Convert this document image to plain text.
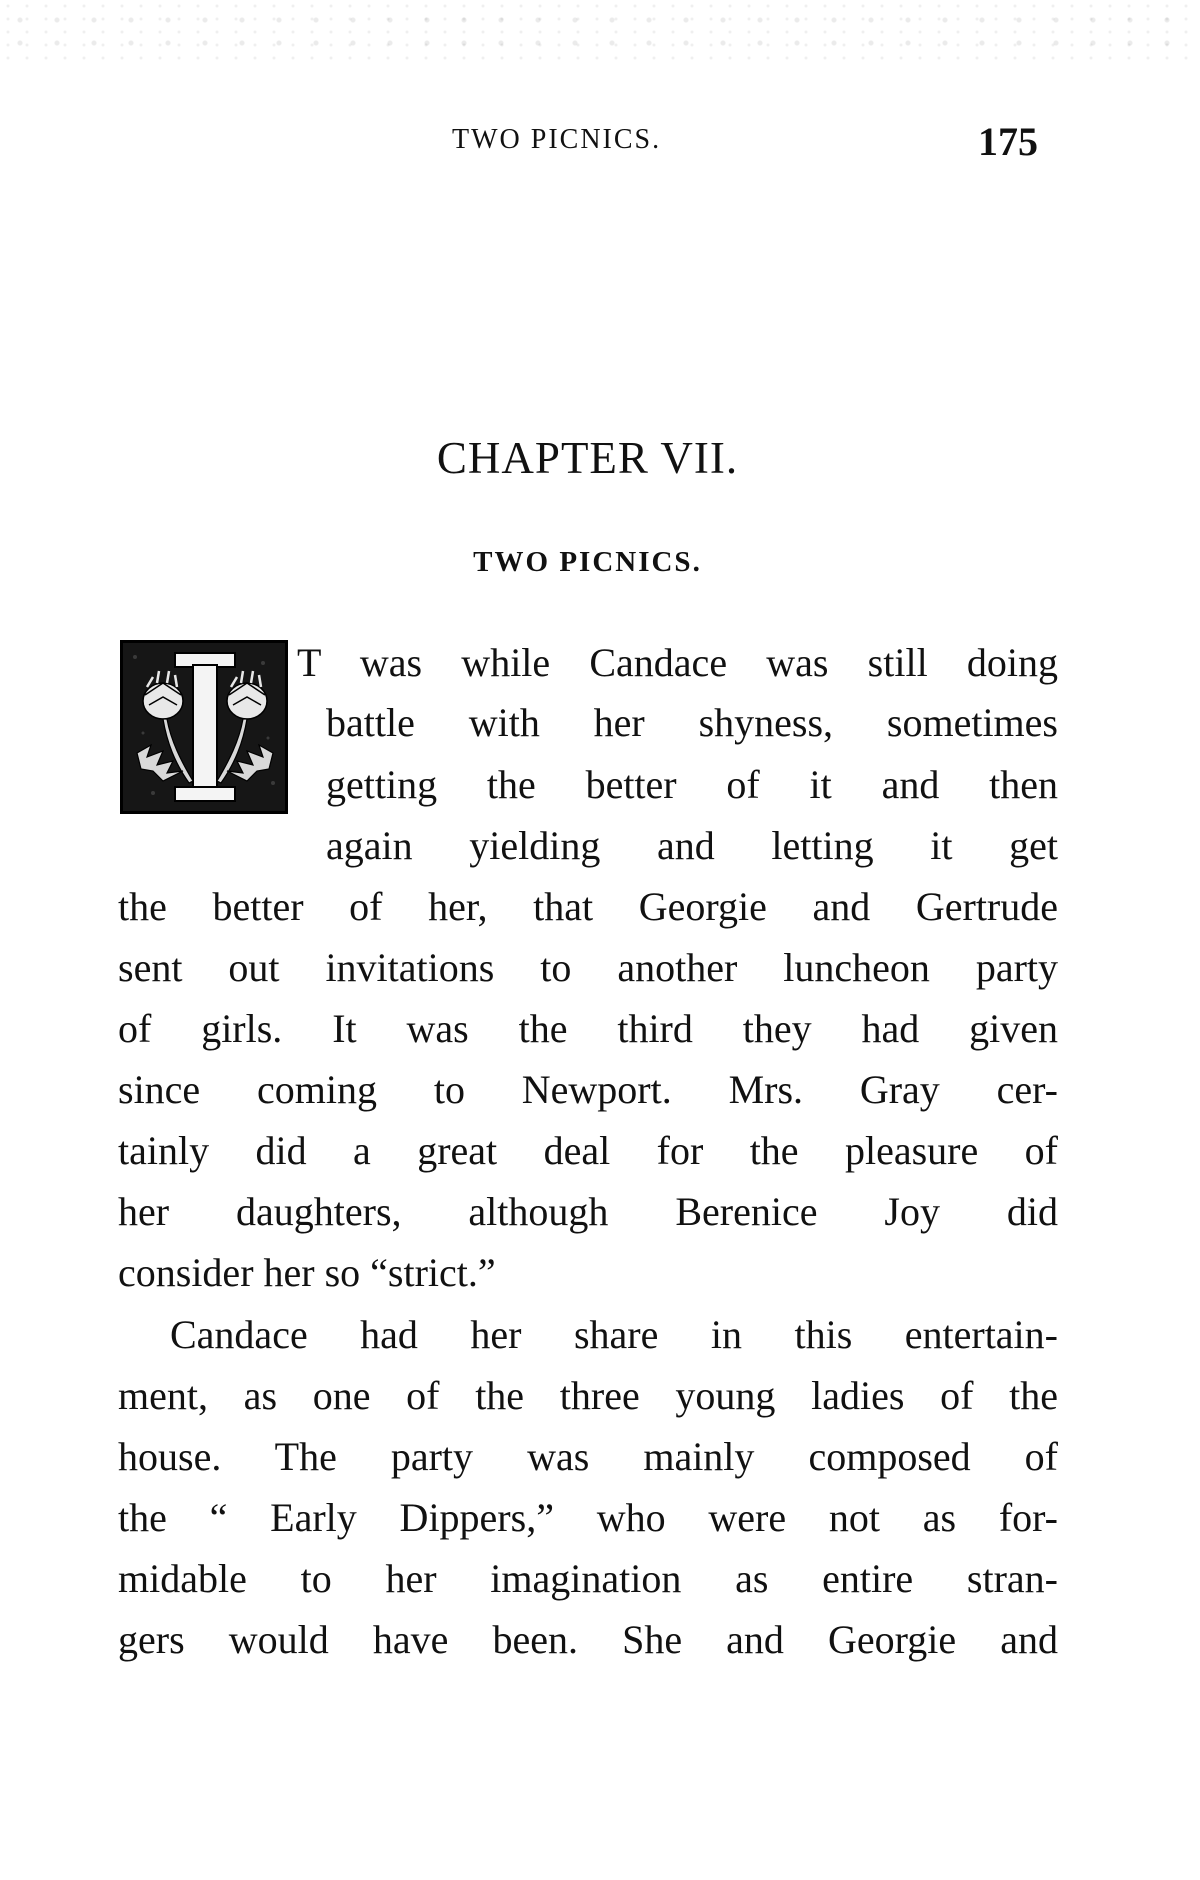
TWO PICNICS.	175
CHAPTER VII.
TWO PICNICS.
T was while Candace was still doing
battle with her shyness, sometimes
getting the better of it and then
again yielding and letting it get
the better of her, that Georgie and Gertrude
sent out invitations to another luncheon party
of girls. It was the third they had given
since coming to Newport. Mrs. Gray cer-
tainly did a great deal for the pleasure of
her daughters, although Berenice Joy did
consider her so “strict.”
Candace had her share in this entertain-
ment, as one of the three young ladies of the
house. The party was mainly composed of
the “ Early Dippers,” who were not as for-
midable to her imagination as entire stran-
gers would have been. She and Georgie and
